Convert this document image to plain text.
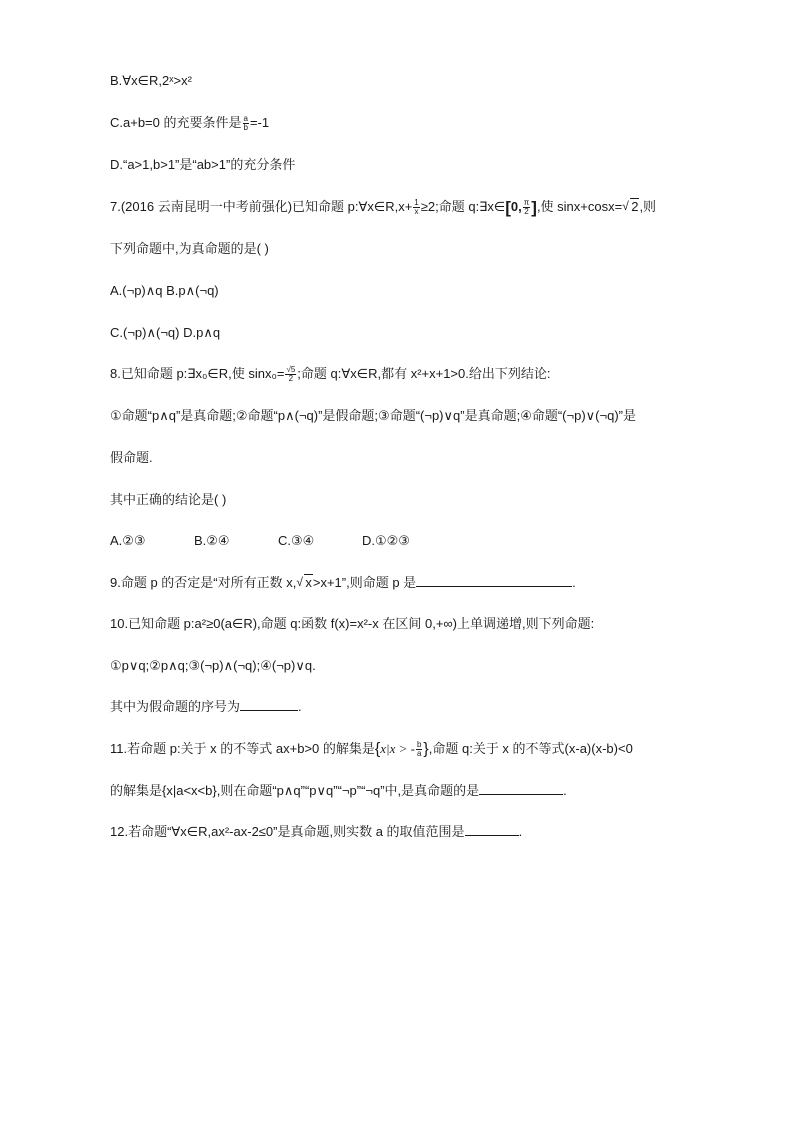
B.∀x∈R,2ˣ>x²
C.a+b=0 的充要条件是 $\frac{a}{b} =-1$
D.“a>1,b>1”是“ab>1”的充分条件
7.(2016 云南昆明一中考前强化)已知命题 p:∀x∈R,x+ $\frac{1}{x} \ge 2$;命题 q:∃x∈[0, $\frac{\pi}{2}$ ],使 sinx+cosx= √ 2,则
下列命题中,为真命题的是( )
A.(¬p)∧q B.p∧(¬q)
C.(¬p)∧(¬q) D.p∧q
8.已知命题 p:∃x₀∈R,使 $\sin x_0= \frac{√5}{2}$ ;命题 q:∀x∈R,都有 x²+x+1>0.给出下列结论:
①命题“p∧q”是真命题;②命题“p∧(¬q)”是假命题;③命题“(¬p)∨q”是真命题;④命题“(¬p)∨(¬q)”是
假命题.
其中正确的结论是( )
A.②③	B.②④	C.③④	D.①②③
9.命题 p 的否定是“对所有正数 x, √ x>x+1”,则命题 p 是	.
10.已知命题 p:a²≥0(a∈R),命题 q:函数 f(x)=x²-x 在区间 0,+∞)上单调递增,则下列命题:
①p∨q;②p∧q;③(¬p)∧(¬q);④(¬p)∨q.
其中为假命题的序号为	.
11.若命题 p:关于 x 的不等式 ax+b>0 的解集是{x|x > - $\frac{b}{a}$ },命题 q:关于 x 的不等式(x-a)(x-b)<0
的解集是{x|a<x<b},则在命题“p∧q”“p∨q”“¬p”“¬q”中,是真命题的是	.
12.若命题“∀x∈R,ax²-ax-2≤0”是真命题,则实数 a 的取值范围是	.
